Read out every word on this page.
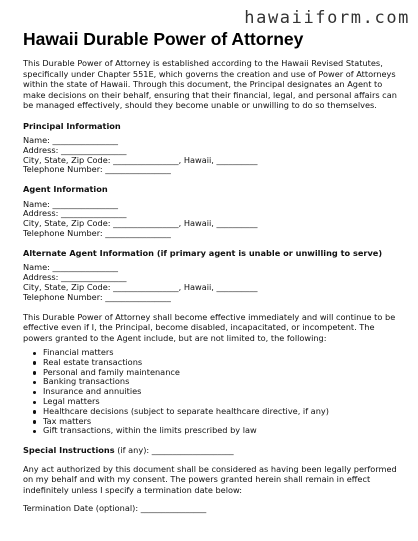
hawaiiform.com
Hawaii Durable Power of Attorney

This Durable Power of Attorney is established according to the Hawaii Revised Statutes, specifically under Chapter 551E, which governs the creation and use of Power of Attorneys within the state of Hawaii. Through this document, the Principal designates an Agent to make decisions on their behalf, ensuring that their financial, legal, and personal affairs can be managed effectively, should they become unable or unwilling to do so themselves.

Principal Information

Name: ________________

Address: ________________

City, State, Zip Code: ________________, Hawaii, __________

Telephone Number: ________________

Agent Information

Name: ________________

Address: ________________

City, State, Zip Code: ________________, Hawaii, __________

Telephone Number: ________________

Alternate Agent Information (if primary agent is unable or unwilling to serve)

Name: ________________

Address: ________________

City, State, Zip Code: ________________, Hawaii, __________

Telephone Number: ________________

This Durable Power of Attorney shall become effective immediately and will continue to be effective even if I, the Principal, become disabled, incapacitated, or incompetent. The powers granted to the Agent include, but are not limited to, the following:

Financial matters
Real estate transactions
Personal and family maintenance
Banking transactions
Insurance and annuities
Legal matters
Healthcare decisions (subject to separate healthcare directive, if any)
Tax matters
Gift transactions, within the limits prescribed by law

Special Instructions (if any): ____________________

Any act authorized by this document shall be considered as having been legally performed on my behalf and with my consent. The powers granted herein shall remain in effect indefinitely unless I specify a termination date below:

Termination Date (optional): ________________
